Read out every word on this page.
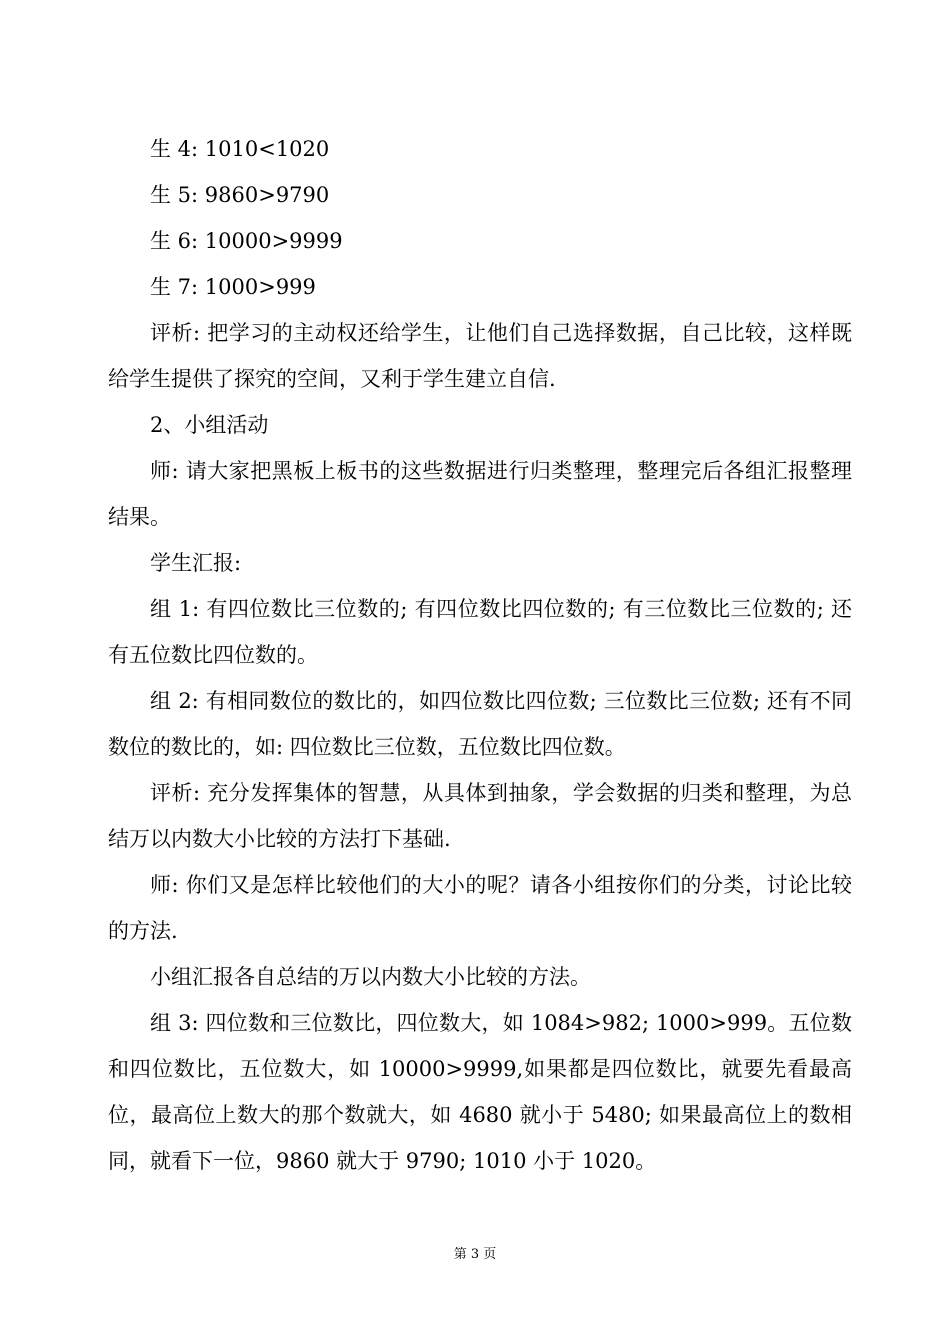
生 4: 1010<1020

生 5: 9860>9790

生 6: 10000>9999

生 7: 1000>999

评析: 把学习的主动权还给学生，让他们自己选择数据，自己比较，这样既给学生提供了探究的空间，又利于学生建立自信.

2、小组活动

师: 请大家把黑板上板书的这些数据进行归类整理，整理完后各组汇报整理结果。

学生汇报:

组 1: 有四位数比三位数的; 有四位数比四位数的; 有三位数比三位数的; 还有五位数比四位数的。

组 2: 有相同数位的数比的，如四位数比四位数; 三位数比三位数; 还有不同数位的数比的，如: 四位数比三位数，五位数比四位数。

评析: 充分发挥集体的智慧，从具体到抽象，学会数据的归类和整理，为总结万以内数大小比较的方法打下基础.

师: 你们又是怎样比较他们的大小的呢？请各小组按你们的分类，讨论比较的方法.

小组汇报各自总结的万以内数大小比较的方法。

组 3: 四位数和三位数比，四位数大，如 1084>982; 1000>999。五位数和四位数比，五位数大，如 10000>9999,如果都是四位数比，就要先看最高位，最高位上数大的那个数就大，如 4680 就小于 5480; 如果最高位上的数相同，就看下一位，9860 就大于 9790; 1010 小于 1020。

第 3 页
